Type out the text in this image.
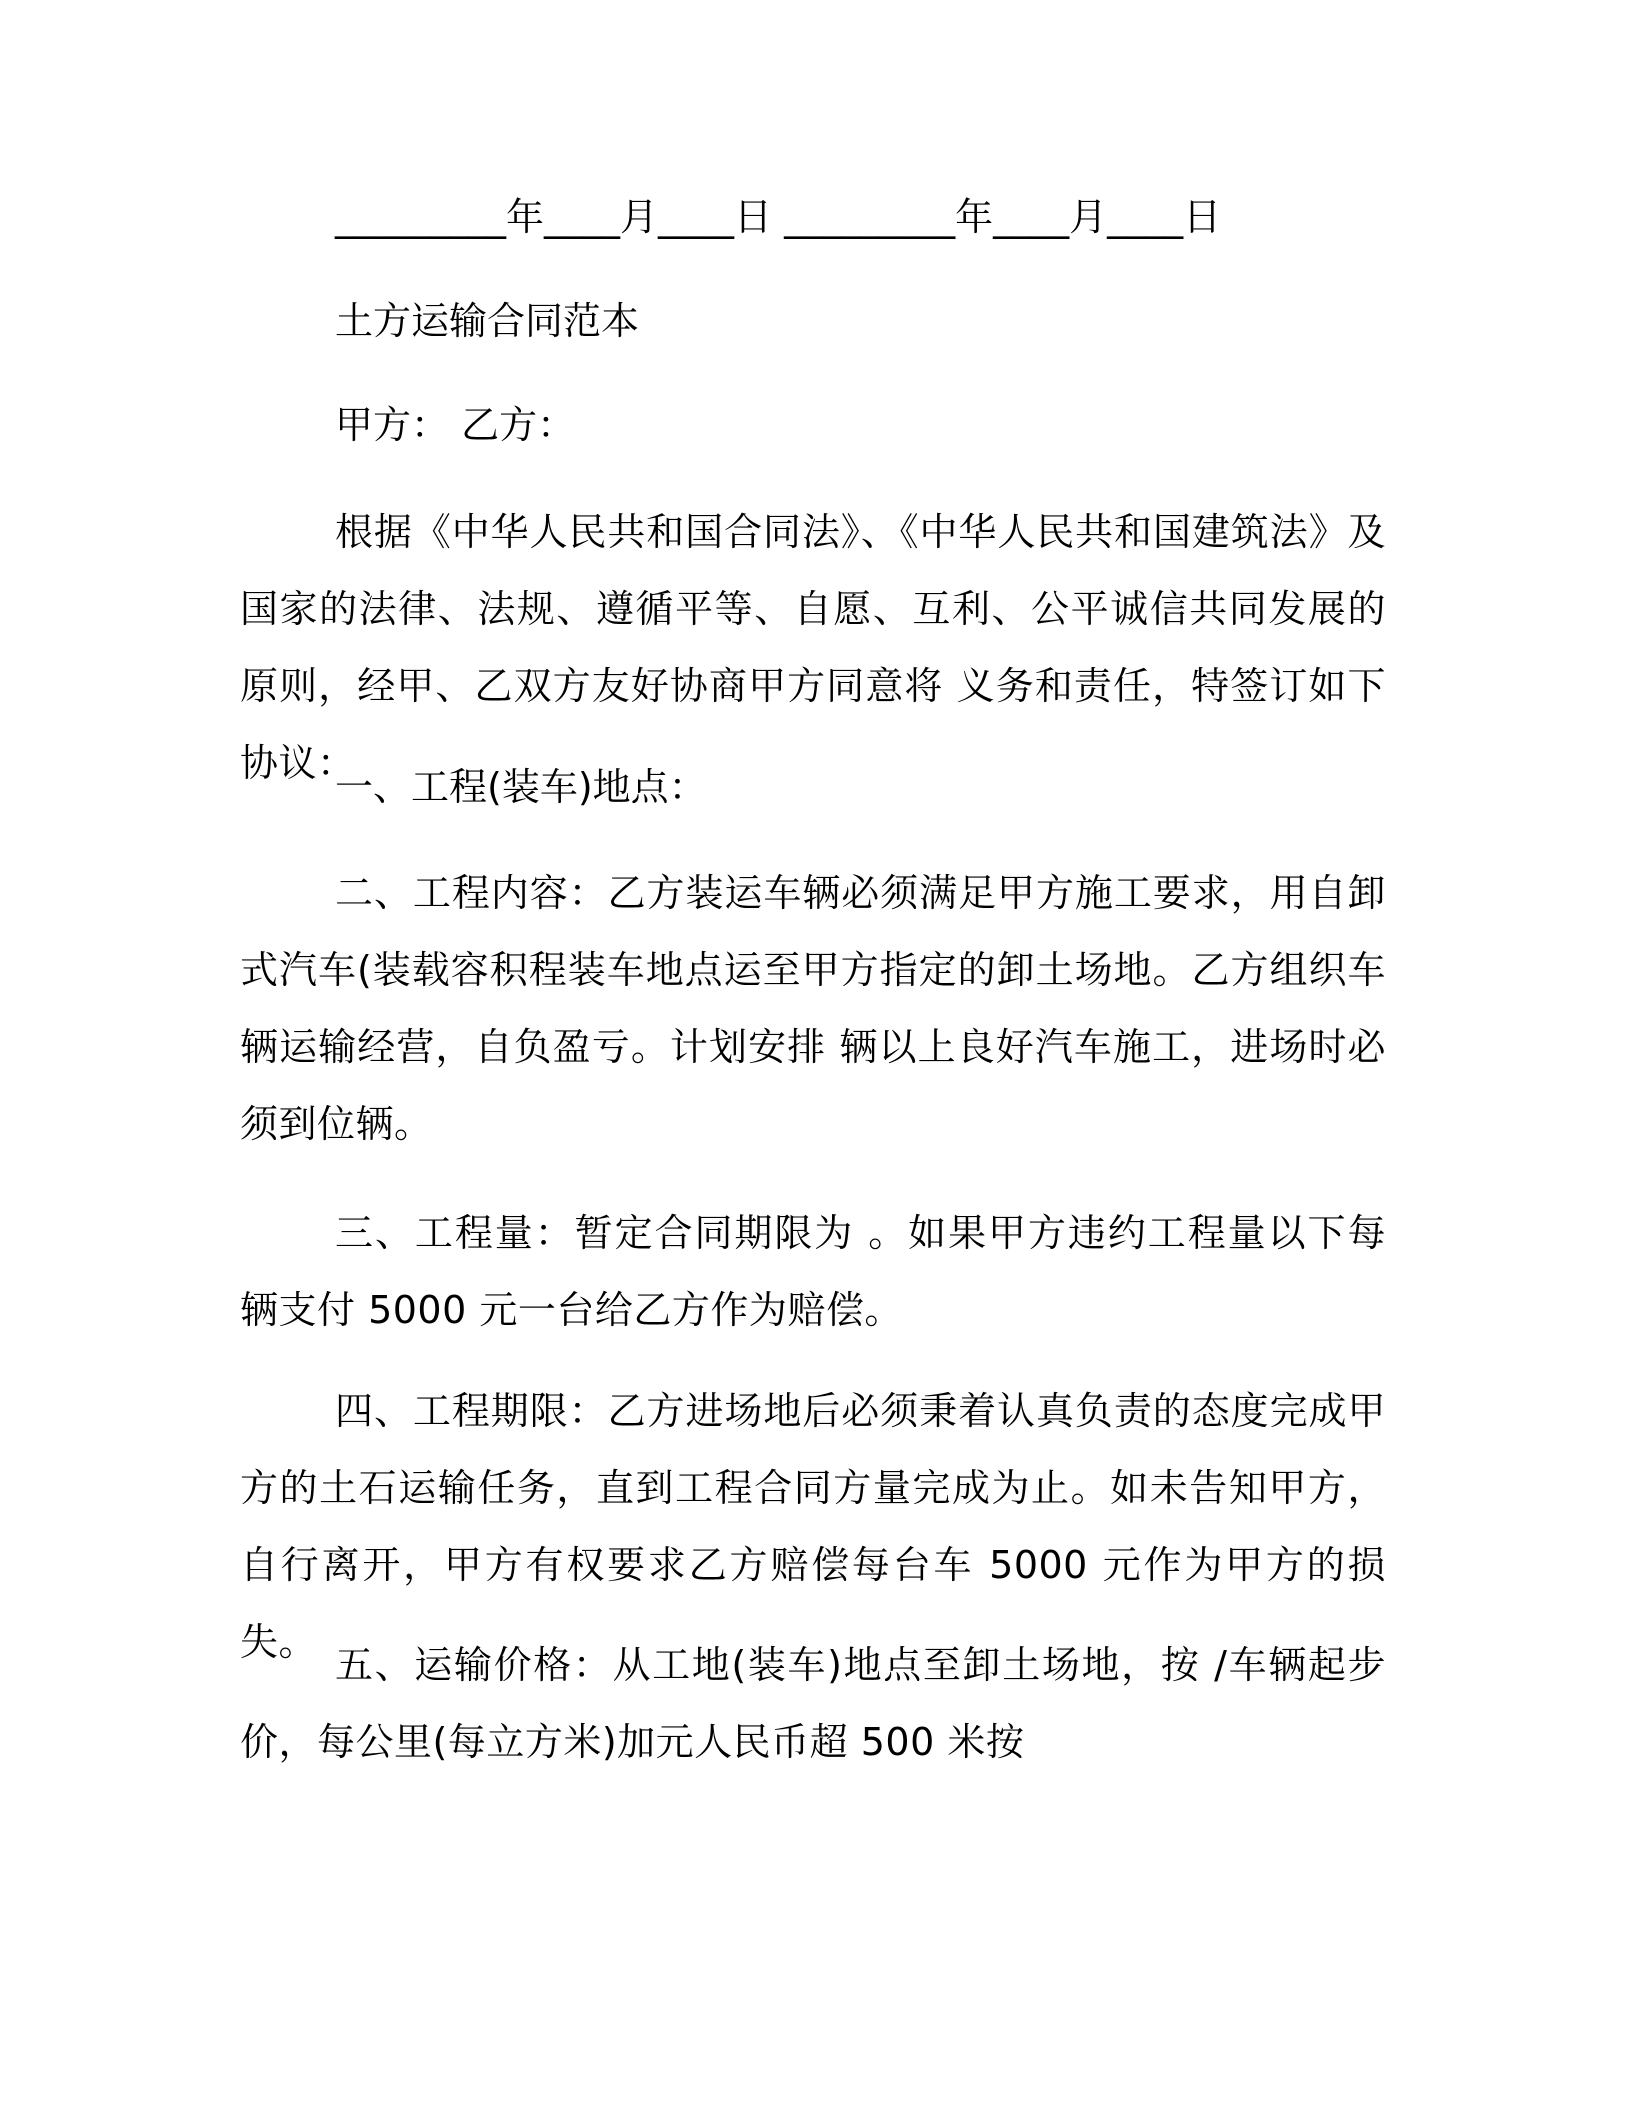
_________年____月____日 _________年____月____日
土方运输合同范本
甲方： 乙方：
根据《中华人民共和国合同法》、《中华人民共和国建筑法》及国家的法律、法规、遵循平等、自愿、互利、公平诚信共同发展的原则，经甲、乙双方友好协商甲方同意将 义务和责任，特签订如下协议：
一、工程(装车)地点：
二、工程内容：乙方装运车辆必须满足甲方施工要求，用自卸式汽车(装载容积程装车地点运至甲方指定的卸土场地。乙方组织车辆运输经营，自负盈亏。计划安排 辆以上良好汽车施工，进场时必须到位辆。
三、工程量：暂定合同期限为 。如果甲方违约工程量以下每辆支付 5000 元一台给乙方作为赔偿。
四、工程期限：乙方进场地后必须秉着认真负责的态度完成甲方的土石运输任务，直到工程合同方量完成为止。如未告知甲方，自行离开，甲方有权要求乙方赔偿每台车 5000 元作为甲方的损失。
五、运输价格：从工地(装车)地点至卸土场地，按 /车辆起步价，每公里(每立方米)加元人民币超 500 米按
